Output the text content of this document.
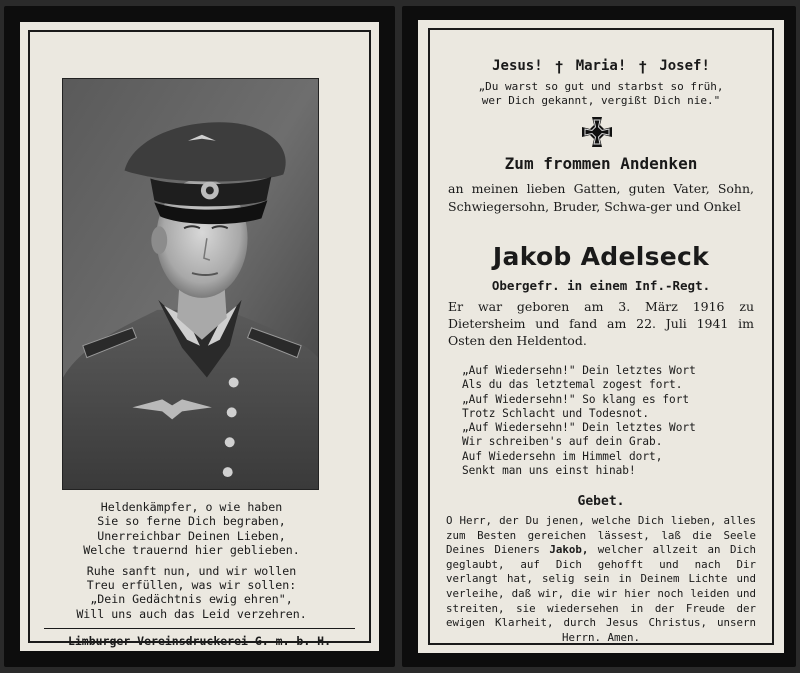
Heldenkämpfer, o wie haben
Sie so ferne Dich begraben,
Unerreichbar Deinen Lieben,
Welche trauernd hier geblieben.
Ruhe sanft nun, und wir wollen
Treu erfüllen, was wir sollen:
„Dein Gedächtnis ewig ehren",
Will uns auch das Leid verzehren.
Limburger Vereinsdruckerei G. m. b. H.
Jesus! † Maria! † Josef!
„Du warst so gut und starbst so früh,
wer Dich gekannt, vergißt Dich nie."
Zum frommen Andenken
an meinen lieben Gatten, guten Vater, Sohn, Schwiegersohn, Bruder, Schwa-ger und Onkel
Jakob Adelseck
Obergefr. in einem Inf.-Regt.
Er war geboren am 3. März 1916 zu Dietersheim und fand am 22. Juli 1941 im Osten den Heldentod.
„Auf Wiedersehn!" Dein letztes Wort
Als du das letztemal zogest fort.
„Auf Wiedersehn!" So klang es fort
Trotz Schlacht und Todesnot.
„Auf Wiedersehn!" Dein letztes Wort
Wir schreiben's auf dein Grab.
Auf Wiedersehn im Himmel dort,
Senkt man uns einst hinab!
Gebet.
O Herr, der Du jenen, welche Dich lieben, alles zum Besten gereichen lässest, laß die Seele Deines Dieners Jakob, welcher allzeit an Dich geglaubt, auf Dich gehofft und nach Dir verlangt hat, selig sein in Deinem Lichte und verleihe, daß wir, die wir hier noch leiden und streiten, sie wiedersehen in der Freude der ewigen Klarheit, durch Jesus Christus, unsern Herrn. Amen.
